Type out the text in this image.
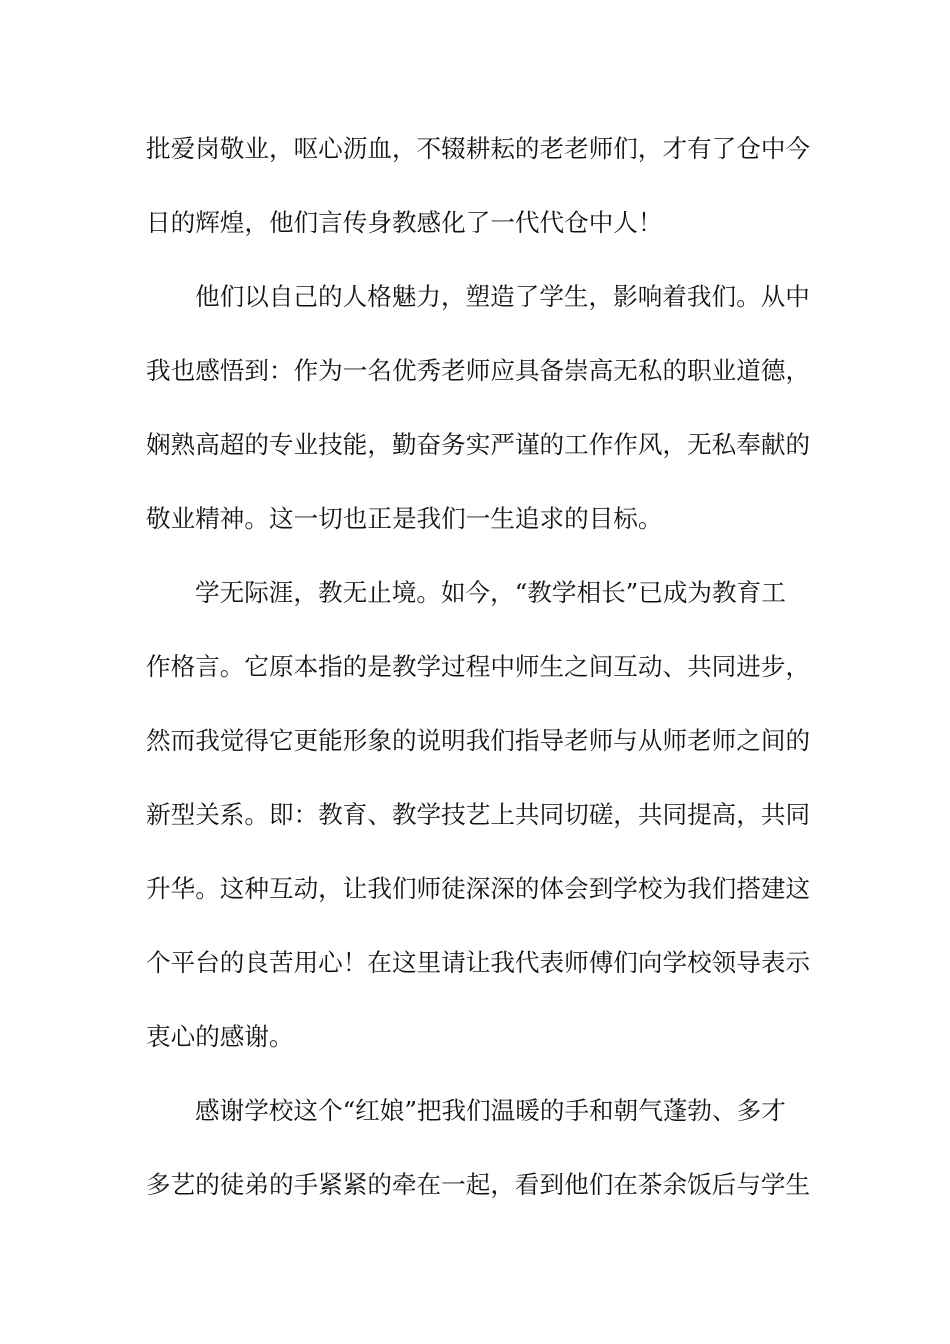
批爱岗敬业，呕心沥血，不辍耕耘的老老师们，才有了仓中今
日的辉煌，他们言传身教感化了一代代仓中人！
他们以自己的人格魅力，塑造了学生，影响着我们。从中
我也感悟到：作为一名优秀老师应具备崇高无私的职业道德，
娴熟高超的专业技能，勤奋务实严谨的工作作风，无私奉献的
敬业精神。这一切也正是我们一生追求的目标。
学无际涯，教无止境。如今，“教学相长”已成为教育工
作格言。它原本指的是教学过程中师生之间互动、共同进步，
然而我觉得它更能形象的说明我们指导老师与从师老师之间的
新型关系。即：教育、教学技艺上共同切磋，共同提高，共同
升华。这种互动，让我们师徒深深的体会到学校为我们搭建这
个平台的良苦用心！在这里请让我代表师傅们向学校领导表示
衷心的感谢。
感谢学校这个“红娘”把我们温暖的手和朝气蓬勃、多才
多艺的徒弟的手紧紧的牵在一起，看到他们在茶余饭后与学生
